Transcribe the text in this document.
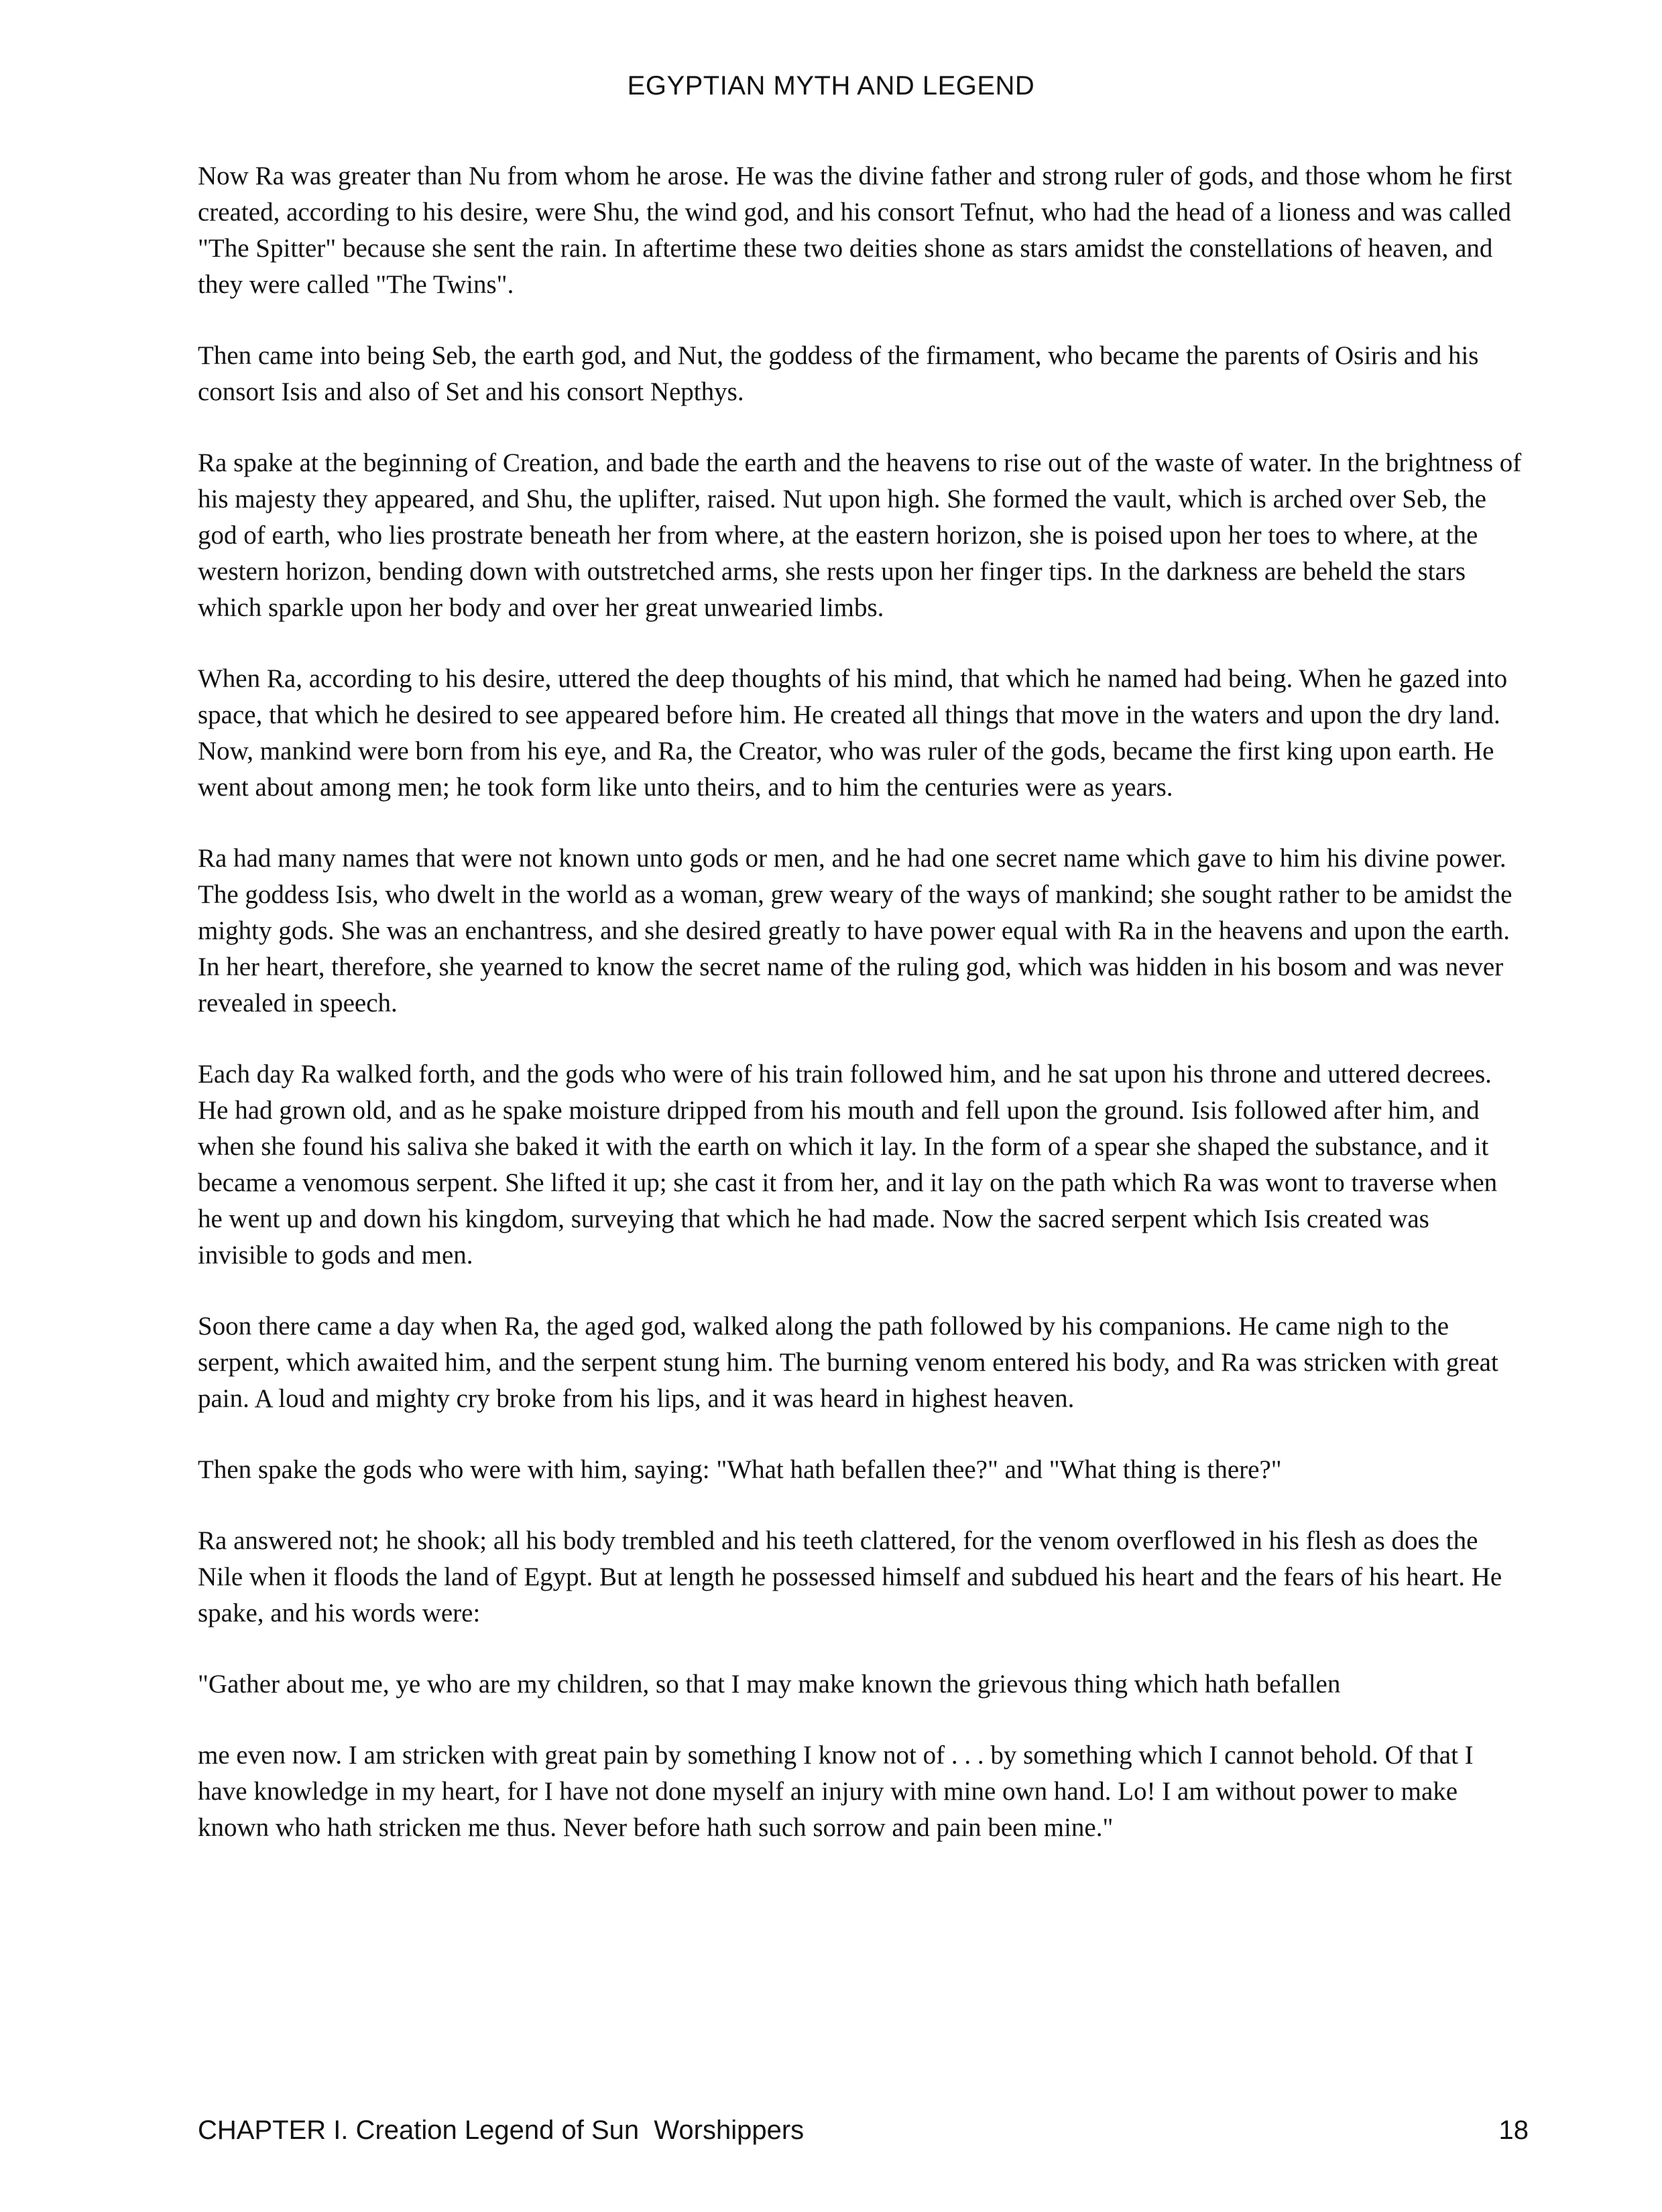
EGYPTIAN MYTH AND LEGEND

Now Ra was greater than Nu from whom he arose. He was the divine father and strong ruler of gods, and those whom he first created, according to his desire, were Shu, the wind god, and his consort Tefnut, who had the head of a lioness and was called "The Spitter" because she sent the rain. In aftertime these two deities shone as stars amidst the constellations of heaven, and they were called "The Twins".

Then came into being Seb, the earth god, and Nut, the goddess of the firmament, who became the parents of Osiris and his consort Isis and also of Set and his consort Nepthys.

Ra spake at the beginning of Creation, and bade the earth and the heavens to rise out of the waste of water. In the brightness of his majesty they appeared, and Shu, the uplifter, raised. Nut upon high. She formed the vault, which is arched over Seb, the god of earth, who lies prostrate beneath her from where, at the eastern horizon, she is poised upon her toes to where, at the western horizon, bending down with outstretched arms, she rests upon her finger tips. In the darkness are beheld the stars which sparkle upon her body and over her great unwearied limbs.

When Ra, according to his desire, uttered the deep thoughts of his mind, that which he named had being. When he gazed into space, that which he desired to see appeared before him. He created all things that move in the waters and upon the dry land. Now, mankind were born from his eye, and Ra, the Creator, who was ruler of the gods, became the first king upon earth. He went about among men; he took form like unto theirs, and to him the centuries were as years.

Ra had many names that were not known unto gods or men, and he had one secret name which gave to him his divine power. The goddess Isis, who dwelt in the world as a woman, grew weary of the ways of mankind; she sought rather to be amidst the mighty gods. She was an enchantress, and she desired greatly to have power equal with Ra in the heavens and upon the earth. In her heart, therefore, she yearned to know the secret name of the ruling god, which was hidden in his bosom and was never revealed in speech.

Each day Ra walked forth, and the gods who were of his train followed him, and he sat upon his throne and uttered decrees. He had grown old, and as he spake moisture dripped from his mouth and fell upon the ground. Isis followed after him, and when she found his saliva she baked it with the earth on which it lay. In the form of a spear she shaped the substance, and it became a venomous serpent. She lifted it up; she cast it from her, and it lay on the path which Ra was wont to traverse when he went up and down his kingdom, surveying that which he had made. Now the sacred serpent which Isis created was invisible to gods and men.

Soon there came a day when Ra, the aged god, walked along the path followed by his companions. He came nigh to the serpent, which awaited him, and the serpent stung him. The burning venom entered his body, and Ra was stricken with great pain. A loud and mighty cry broke from his lips, and it was heard in highest heaven.

Then spake the gods who were with him, saying: "What hath befallen thee?" and "What thing is there?"

Ra answered not; he shook; all his body trembled and his teeth clattered, for the venom overflowed in his flesh as does the Nile when it floods the land of Egypt. But at length he possessed himself and subdued his heart and the fears of his heart. He spake, and his words were:

"Gather about me, ye who are my children, so that I may make known the grievous thing which hath befallen

me even now. I am stricken with great pain by something I know not of . . . by something which I cannot behold. Of that I have knowledge in my heart, for I have not done myself an injury with mine own hand. Lo! I am without power to make known who hath stricken me thus. Never before hath such sorrow and pain been mine."

CHAPTER I. Creation Legend of Sun  Worshippers	18
